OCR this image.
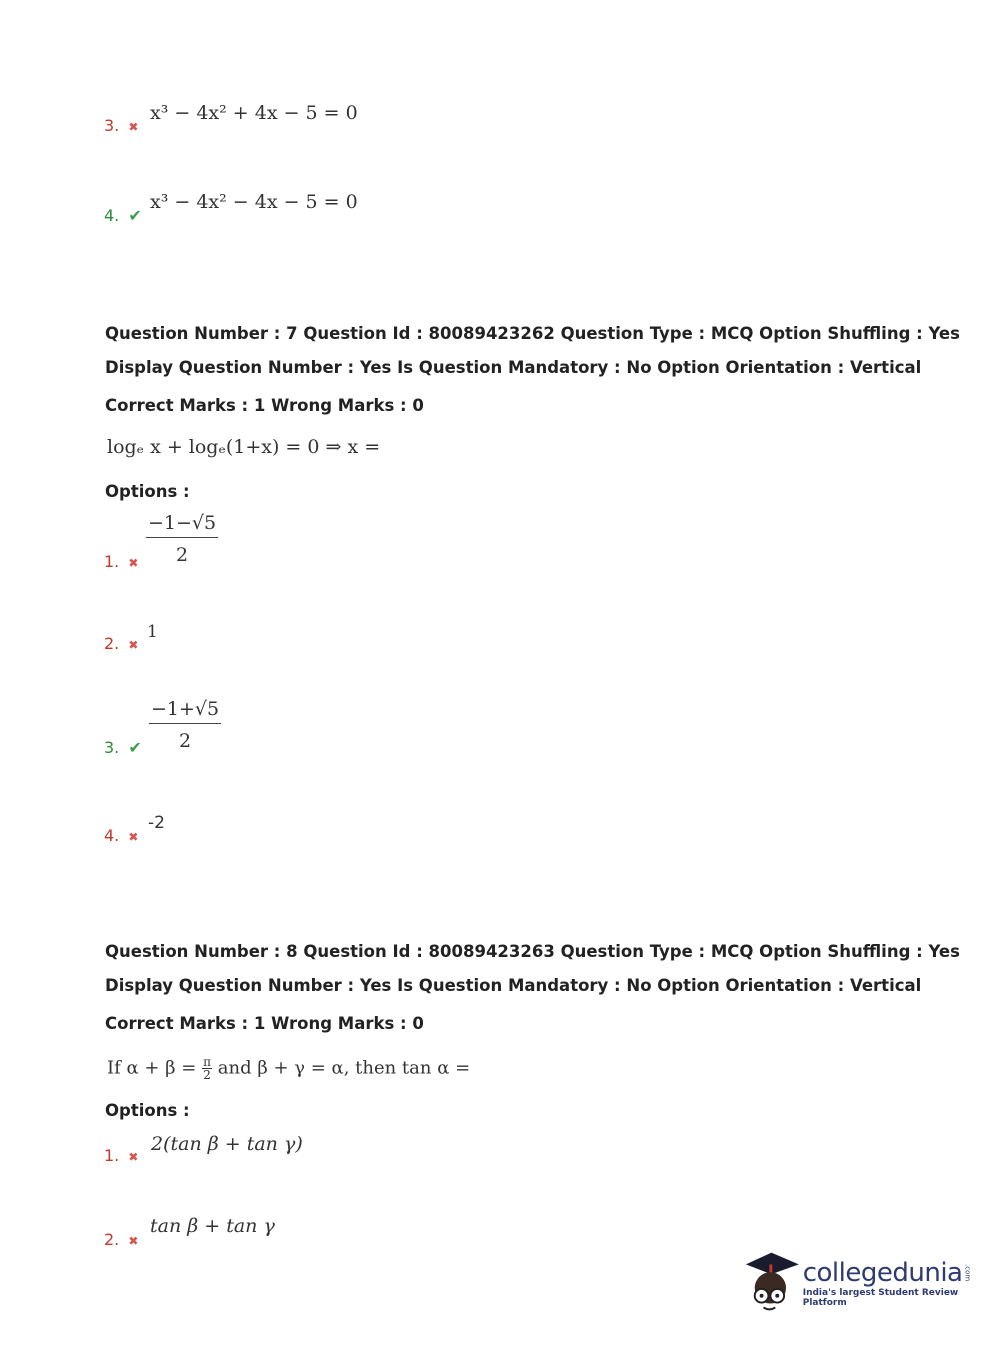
3. ✖
x³ − 4x² + 4x − 5 = 0
4. ✔
x³ − 4x² − 4x − 5 = 0
Question Number : 7 Question Id : 80089423262 Question Type : MCQ Option Shuffling : Yes
Display Question Number : Yes Is Question Mandatory : No Option Orientation : Vertical
Correct Marks : 1 Wrong Marks : 0
logₑ x + logₑ(1+x) = 0 ⇒ x =
Options :
1. ✖ $\frac{-1-√5}{2}$
2. ✖
1
3. ✔ $\frac{-1+√5}{2}$
4. ✖
-2
Question Number : 8 Question Id : 80089423263 Question Type : MCQ Option Shuffling : Yes
Display Question Number : Yes Is Question Mandatory : No Option Orientation : Vertical
Correct Marks : 1 Wrong Marks : 0
If $\alpha + \beta = \frac{\pi}{2}$ and β + γ = α, then tan α =
Options :
1. ✖
2(tan β + tan γ)
2. ✖
tan β + tan γ
collegedunia .com
India's largest Student Review Platform
